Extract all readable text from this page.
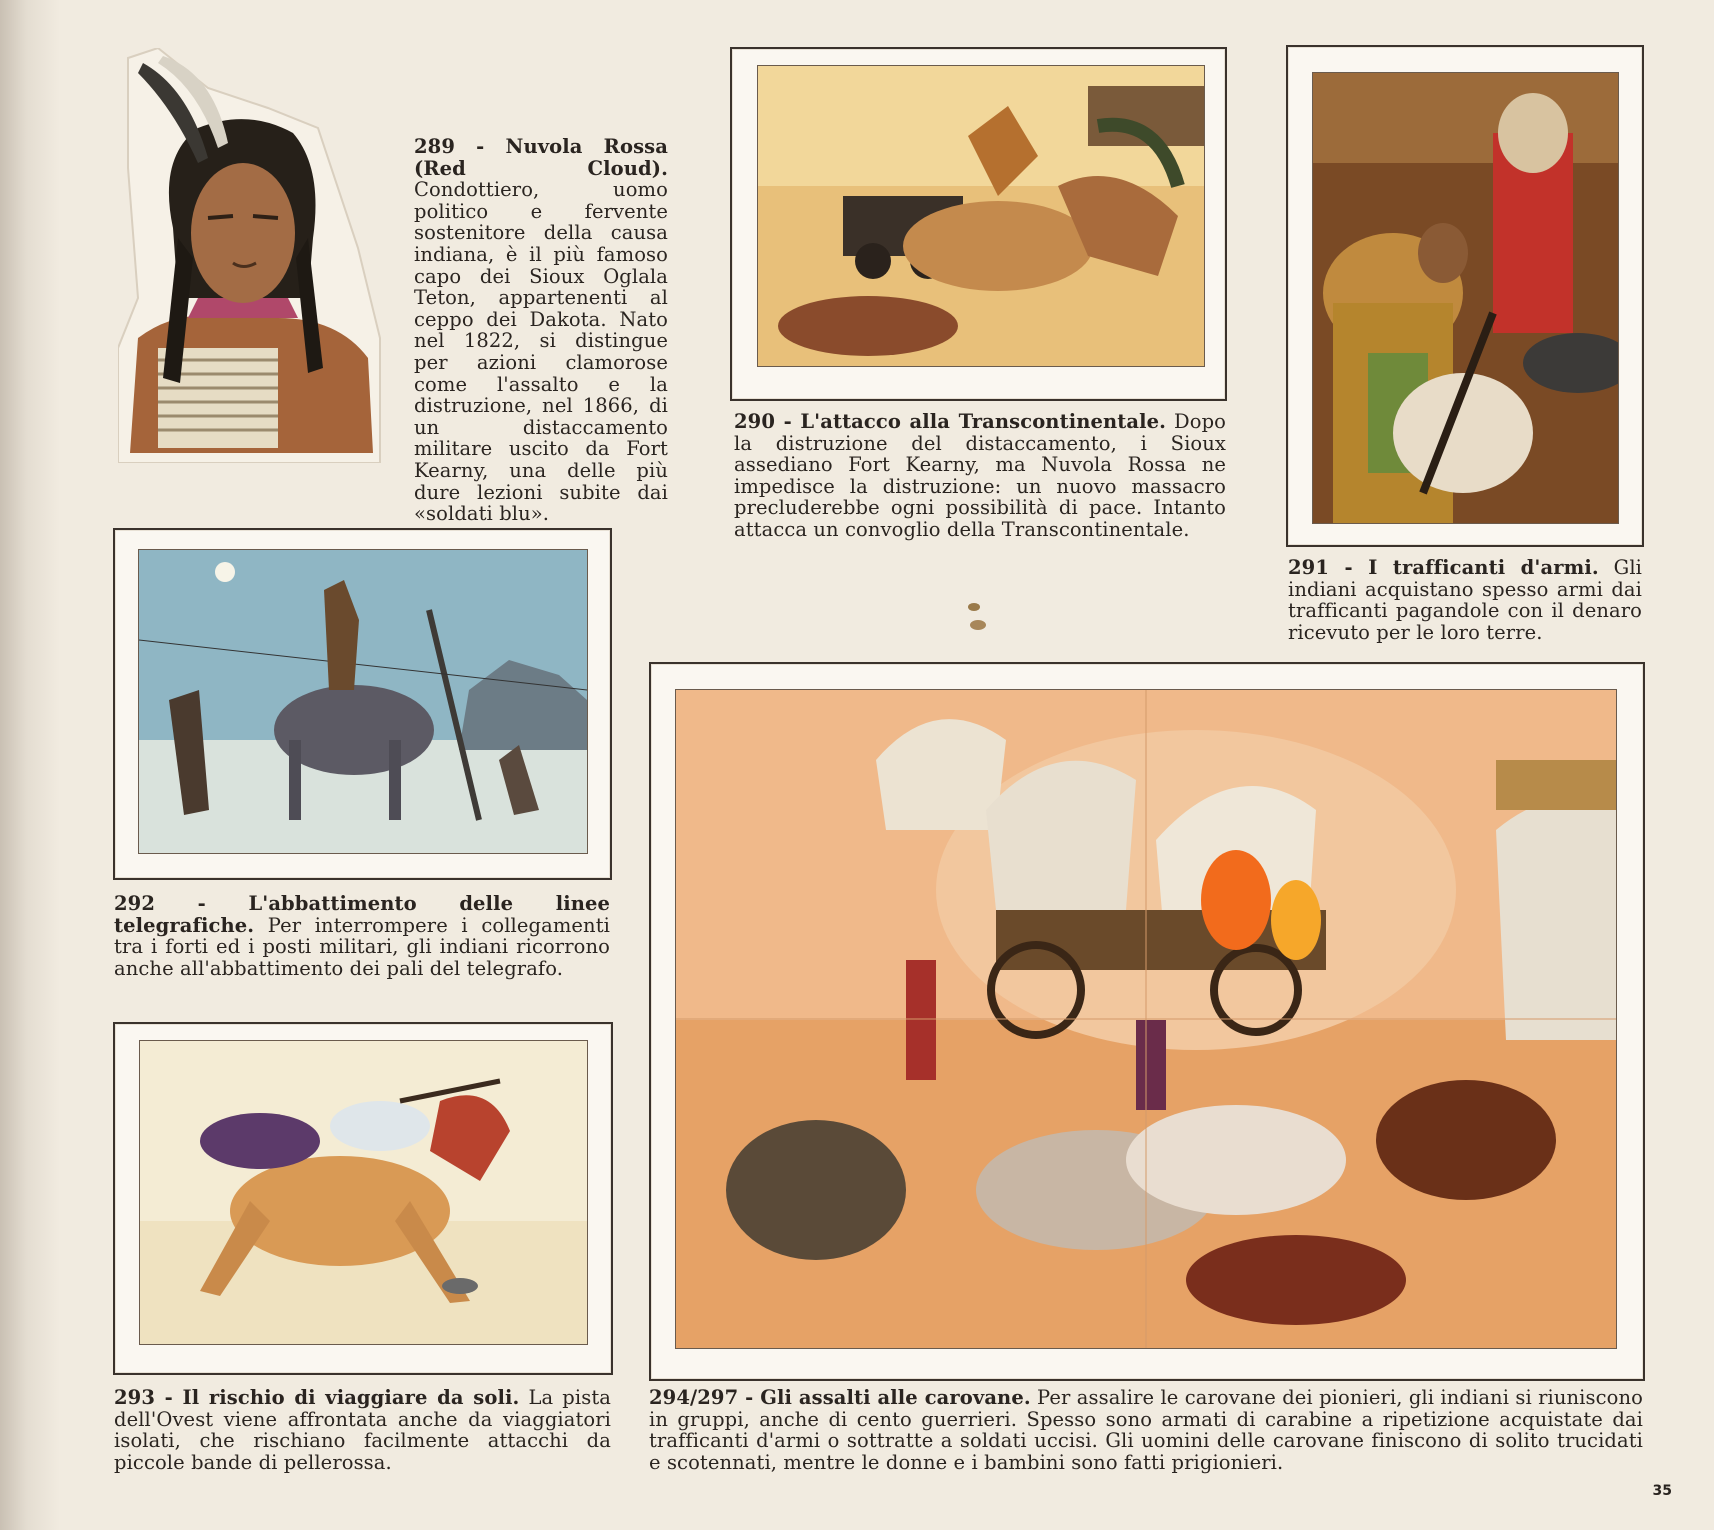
289 - Nuvola Rossa (Red Cloud). Condottiero, uomo politico e fervente sostenitore della causa indiana, è il più famoso capo dei Sioux Oglala Teton, appartenenti al ceppo dei Dakota. Nato nel 1822, si distingue per azioni clamorose come l'assalto e la distruzione, nel 1866, di un distaccamento militare uscito da Fort Kearny, una delle più dure lezioni subite dai «soldati blu».

290 - L'attacco alla Transcontinentale. Dopo la distruzione del distaccamento, i Sioux assediano Fort Kearny, ma Nuvola Rossa ne impedisce la distruzione: un nuovo massacro precluderebbe ogni possibilità di pace. Intanto attacca un convoglio della Transcontinentale.

291 - I trafficanti d'armi. Gli indiani acquistano spesso armi dai trafficanti pagandole con il denaro ricevuto per le loro terre.

292 - L'abbattimento delle linee telegrafiche. Per interrompere i collegamenti tra i forti ed i posti militari, gli indiani ricorrono anche all'abbattimento dei pali del telegrafo.

293 - Il rischio di viaggiare da soli. La pista dell'Ovest viene affrontata anche da viaggiatori isolati, che rischiano facilmente attacchi da piccole bande di pellerossa.

294/297 - Gli assalti alle carovane. Per assalire le carovane dei pionieri, gli indiani si riuniscono in gruppi, anche di cento guerrieri. Spesso sono armati di carabine a ripetizione acquistate dai trafficanti d'armi o sottratte a soldati uccisi. Gli uomini delle carovane finiscono di solito trucidati e scotennati, mentre le donne e i bambini sono fatti prigionieri.

35
